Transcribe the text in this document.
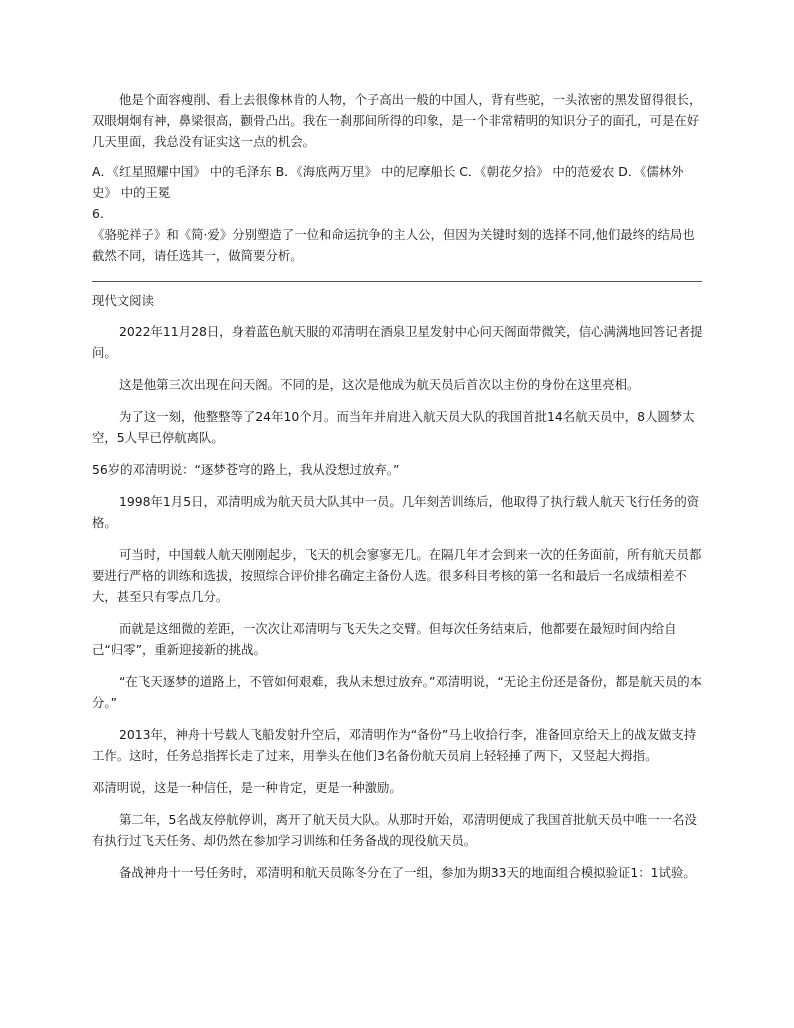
他是个面容瘦削、看上去很像林肯的人物，个子高出一般的中国人，背有些驼，一头浓密的黑发留得很长，双眼炯炯有神，鼻梁很高，颧骨凸出。我在一刹那间所得的印象，是一个非常精明的知识分子的面孔，可是在好几天里面，我总没有证实这一点的机会。

A．《红星照耀中国》 中的毛泽东 B．《海底两万里》 中的尼摩船长 C．《朝花夕拾》 中的范爱农 D．《儒林外史》 中的王冕

6.

《骆驼祥子》和《简·爱》分别塑造了一位和命运抗争的主人公，但因为关键时刻的选择不同,他们最终的结局也截然不同，请任选其一，做简要分析。

现代文阅读

2022年11月28日，身着蓝色航天服的邓清明在酒泉卫星发射中心问天阁面带微笑，信心满满地回答记者提问。

这是他第三次出现在问天阁。不同的是，这次是他成为航天员后首次以主份的身份在这里亮相。

为了这一刻，他整整等了24年10个月。而当年并肩进入航天员大队的我国首批14名航天员中，8人圆梦太空，5人早已停航离队。

56岁的邓清明说：“逐梦苍穹的路上，我从没想过放弃。”

1998年1月5日，邓清明成为航天员大队其中一员。几年刻苦训练后，他取得了执行载人航天飞行任务的资格。

可当时，中国载人航天刚刚起步，飞天的机会寥寥无几。在隔几年才会到来一次的任务面前，所有航天员都要进行严格的训练和选拔，按照综合评价排名确定主备份人选。很多科目考核的第一名和最后一名成绩相差不大，甚至只有零点几分。

而就是这细微的差距，一次次让邓清明与飞天失之交臂。但每次任务结束后，他都要在最短时间内给自己“归零”，重新迎接新的挑战。

“在飞天逐梦的道路上，不管如何艰难，我从未想过放弃。”邓清明说，“无论主份还是备份，都是航天员的本分。”

2013年，神舟十号载人飞船发射升空后，邓清明作为“备份”马上收拾行李，准备回京给天上的战友做支持工作。这时，任务总指挥长走了过来，用拳头在他们3名备份航天员肩上轻轻捶了两下，又竖起大拇指。

邓清明说，这是一种信任，是一种肯定，更是一种激励。

第二年，5名战友停航停训，离开了航天员大队。从那时开始，邓清明便成了我国首批航天员中唯一一名没有执行过飞天任务、却仍然在参加学习训练和任务备战的现役航天员。

备战神舟十一号任务时，邓清明和航天员陈冬分在了一组，参加为期33天的地面组合模拟验证1：1试验。
